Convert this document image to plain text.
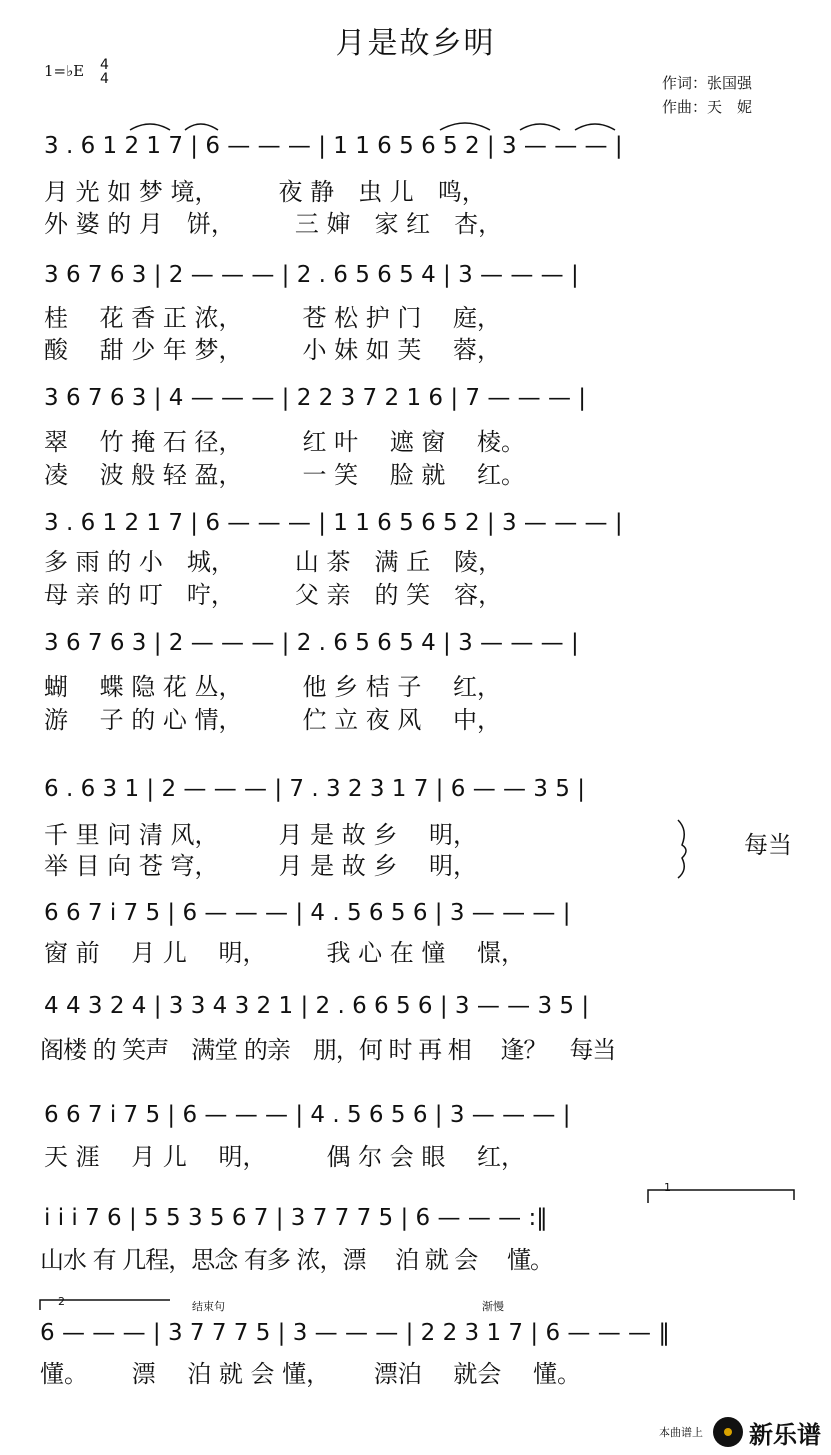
月是故乡明
1=♭E 4
4	作词：张国强
作曲：天　妮
3 . 6 1 2 1 7 | 6 — — — | 1 1 6 5 6 5 2 | 3 — — — |
月 光 如 梦 境，　　　夜 静　虫 儿　鸣，
外 婆 的 月　饼，　　　三 婶　家 红　杏，
3 6 7 6 3 | 2 — — — | 2 . 6 5 6 5 4 | 3 — — — |
桂　 花 香 正 浓，　　　苍 松 护 门　 庭，
酸　 甜 少 年 梦，　　　小 妹 如 芙　 蓉，
3 6 7 6 3 | 4 — — — | 2 2 3 7 2 1 6 | 7 — — — |
翠　 竹 掩 石 径，　　　红 叶　 遮 窗　 棱。
凌　 波 般 轻 盈，　　　一 笑　 脸 就　 红。
3 . 6 1 2 1 7 | 6 — — — | 1 1 6 5 6 5 2 | 3 — — — |
多 雨 的 小　城，　　　山 茶　满 丘　陵，
母 亲 的 叮　咛，　　　父 亲　的 笑　容，
3 6 7 6 3 | 2 — — — | 2 . 6 5 6 5 4 | 3 — — — |
蝴　 蝶 隐 花 丛，　　　他 乡 桔 子　 红，
游　 子 的 心 情，　　　伫 立 夜 风　 中，
6 . 6 3 1 | 2 — — — | 7 . 3 2 3 1 7 | 6 — — 3 5 |
千 里 问 清 风，　　　月 是 故 乡　 明，
举 目 向 苍 穹，　　　月 是 故 乡　 明，
每当
6 6 7 i 7 5 | 6 — — — | 4 . 5 6 5 6 | 3 — — — |
窗 前　 月 儿　 明，　　　我 心 在 憧　 憬，
4 4 3 2 4 | 3 3 4 3 2 1 | 2 . 6 6 5 6 | 3 — — 3 5 |
阁楼 的 笑声　满堂 的亲　朋，何 时 再 相　 逢？　每当
6 6 7 i 7 5 | 6 — — — | 4 . 5 6 5 6 | 3 — — — |
天 涯　 月 儿　 明，　　　偶 尔 会 眼　 红，
i i i 7 6 | 5 5 3 5 6 7 | 3 7 7 7 5 | 6 — — — :‖
山水 有 几程，思念 有多 浓，漂　 泊 就 会　 懂。
6 — — — | 3 7 7 7 5 | 3 — — — | 2 2 3 1 7 | 6 — — — ‖
懂。　　 漂　 泊 就 会 懂，　　 漂泊　 就会　 懂。
1
2	结束句	渐慢
本曲谱上 新乐谱
